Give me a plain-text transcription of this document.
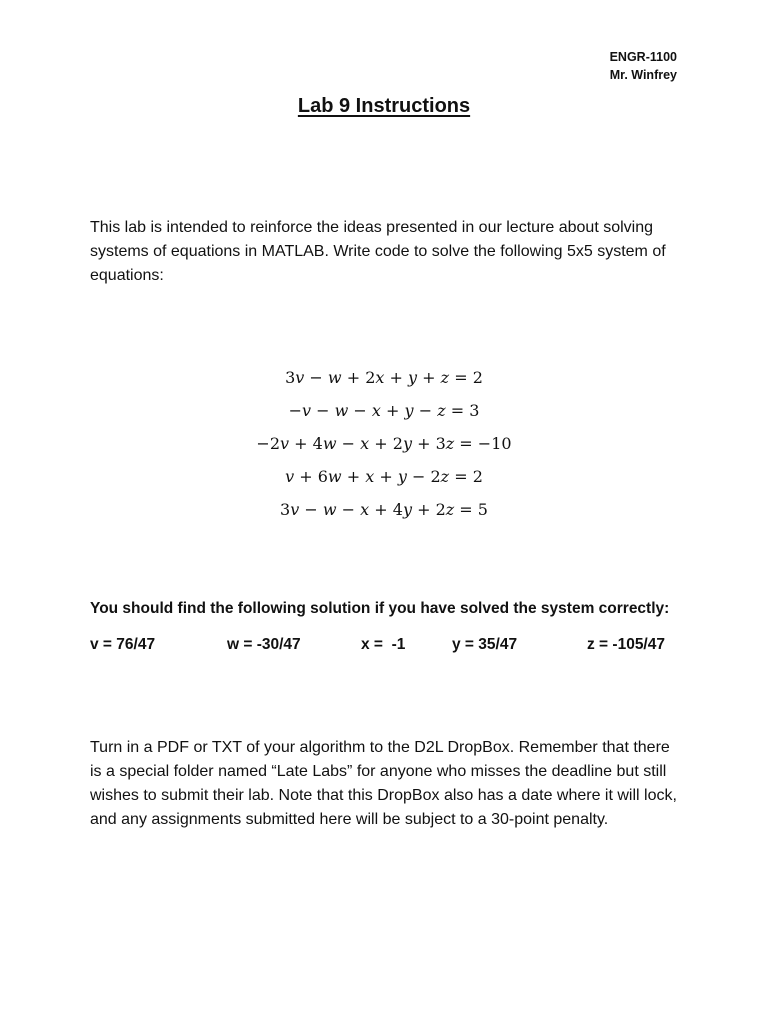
ENGR-1100
Mr. Winfrey
Lab 9 Instructions

This lab is intended to reinforce the ideas presented in our lecture about solving systems of equations in MATLAB. Write code to solve the following 5x5 system of equations:

3v − w + 2x + y + z = 2
−v − w − x + y − z = 3
−2v + 4w − x + 2y + 3z = −10
v + 6w + x + y − 2z = 2
3v − w − x + 4y + 2z = 5
You should find the following solution if you have solved the system correctly:
v = 76/47	w = -30/47	x =  -1	y = 35/47	z = -105/47

Turn in a PDF or TXT of your algorithm to the D2L DropBox. Remember that there is a special folder named “Late Labs” for anyone who misses the deadline but still wishes to submit their lab. Note that this DropBox also has a date where it will lock, and any assignments submitted here will be subject to a 30-point penalty.
